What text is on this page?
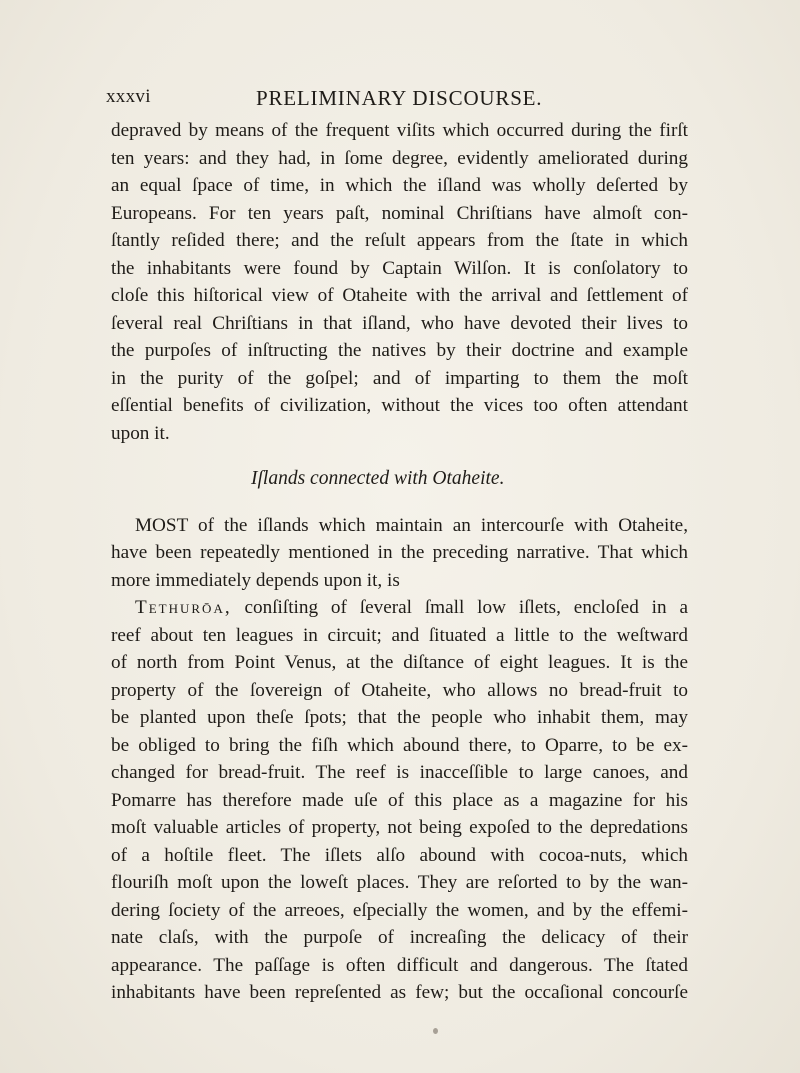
xxxvi	PRELIMINARY DISCOURSE.
depraved by means of the frequent viſits which occurred during the firſt
ten years: and they had, in ſome degree, evidently ameliorated during
an equal ſpace of time, in which the iſland was wholly deſerted by
Europeans. For ten years paſt, nominal Chriſtians have almoſt con-
ſtantly reſided there; and the reſult appears from the ſtate in which
the inhabitants were found by Captain Wilſon. It is conſolatory to
cloſe this hiſtorical view of Otaheite with the arrival and ſettlement of
ſeveral real Chriſtians in that iſland, who have devoted their lives to
the purpoſes of inſtructing the natives by their doctrine and example
in the purity of the goſpel; and of imparting to them the moſt
eſſential benefits of civilization, without the vices too often attendant
upon it.
Iſlands connected with Otaheite.
MOST of the iſlands which maintain an intercourſe with Otaheite,
have been repeatedly mentioned in the preceding narrative. That which
more immediately depends upon it, is
Tethurōa, conſiſting of ſeveral ſmall low iſlets, encloſed in a
reef about ten leagues in circuit; and ſituated a little to the weſtward
of north from Point Venus, at the diſtance of eight leagues. It is the
property of the ſovereign of Otaheite, who allows no bread-fruit to
be planted upon theſe ſpots; that the people who inhabit them, may
be obliged to bring the fiſh which abound there, to Oparre, to be ex-
changed for bread-fruit. The reef is inacceſſible to large canoes, and
Pomarre has therefore made uſe of this place as a magazine for his
moſt valuable articles of property, not being expoſed to the depredations
of a hoſtile fleet. The iſlets alſo abound with cocoa-nuts, which
flouriſh moſt upon the loweſt places. They are reſorted to by the wan-
dering ſociety of the arreoes, eſpecially the women, and by the effemi-
nate claſs, with the purpoſe of increaſing the delicacy of their
appearance. The paſſage is often difficult and dangerous. The ſtated
inhabitants have been repreſented as few; but the occaſional concourſe
